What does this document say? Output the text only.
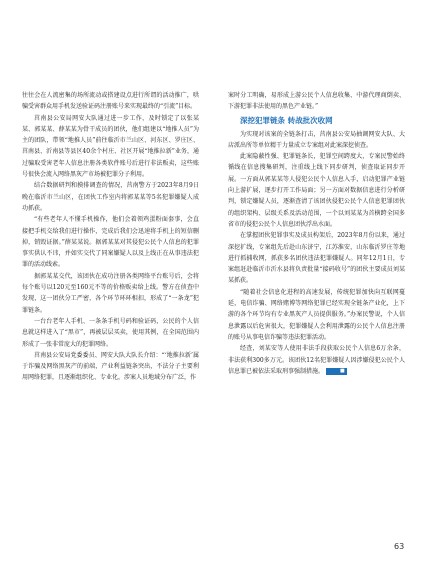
往往会在人流密集的场所流动或搭建设点进行所谓的活动推广，哄骗受害群众用手机发送验证码注册账号来实现最终的“引流”目标。

莒南县公安局网安大队通过进一步工作，及时锁定了以张某某、郭某某、薛某某为骨干成员的团伙，他们组建以“地推人员”为主的团队，带领“地推人员”前往临沂市兰山区、河东区、罗庄区、莒南县、沂南县等县区40余个村庄、社区开展“地推拉新”业务，通过骗取受害老年人信息注册各类软件账号后进行非法贩卖，这些账号很快会流入网络黑灰产市场被犯罪分子利用。

结合数据研判和摸排调查的情况，莒南警方于2023年8月9日晚在临沂市兰山区，在团伙工作室内将郭某某等5名犯罪嫌疑人成功抓获。

“有些老年人不懂手机操作，他们会着领鸡蛋粉面套事，会直接把手机交给我们进行操作，完成后我们会迅速将手机上的短信删掉，销毁证据。”薛某某说。据郭某某对其侵犯公民个人信息的犯罪事实供认不讳，并如实交代了同案嫌疑人以及上线正在从事违法犯罪的活动线索。

据郭某某交代，该团伙在成功注册各类网络平台账号后，会将每个账号以120元至160元不等的价格贩卖给上线。警方在侦查中发现，这一团伙分工严密，各个环节环环相扣，形成了“一条龙”犯罪链条。

一台台老年人手机、一条条手机号码和验证码，公民的个人信息就这样进入了“黑市”，再被层层买卖，使用其例，在全国范围内形成了一张非常庞大的犯罪网络。

莒南县公安局党委委员、网安大队大队长介绍：“‘地推拉新’属于诈骗及网络黑灰产的前端，产业利益链条突出，不法分子主要利用网络犯罪，且逐渐组织化、专业化，涉案人员地域分布广泛，作

案时分工明确，易形成上游公民个人信息收集、中游代理商倒卖、下游犯罪非法使用的黑色产业链。”

深挖犯罪链条 转战批次收网

为实现对该案的全链条打击，莒南县公安局抽调网安大队、大店派出所等单位精干力量成立专案组对此案深挖侦查。

此案隐蔽性强、犯罪链条长，犯罪空间跨度大，专案民警始终循线在信息搜集研判，注重线上线下同步研判，侦查取证同步开展。一方面从郭某某等人侵犯公民个人信息入手，启动犯罪产业链向上游扩展，逐步打开工作局面；另一方面对数据信息进行分析研判，锁定嫌疑人员，逐渐查清了该团伙侵犯公民个人信息犯罪团伙的组织架构、层级关系及活动范围，一个以刘某某为首横跨全国多省市的侵犯公民个人信息团伙浮出水面。

在掌握团伙犯罪事实及成员构架后，2023年8月份以来，通过深挖扩线，专案组先后赴山东济宁，江苏淮安，山东临沂罗庄等地进行抓捕收网，抓获多名团伙违法犯罪嫌疑人。同年12月1日，专案组赶赴临沂市沂水县将负责批量“接码收号”的团伙主要成员刘某某抓获。

“随着社会信息化进程的高速发展，传统犯罪加快向互联网蔓延，电信诈骗、网络赌博等网络犯罪已经实现全链条产业化，上下游的各个环节均有专业黑灰产人员提供服务。”办案民警说，个人信息泄露以后危害很大，犯罪嫌疑人会利用泄露的公民个人信息注册的账号从事电信诈骗等违法犯罪活动。

经查，刘某安等人使用非法手段获取公民个人信息6万余条，非法获利300多万元。该团伙12名犯罪嫌疑人因涉嫌侵犯公民个人信息罪已被依法采取刑事强制措施。	■

63
